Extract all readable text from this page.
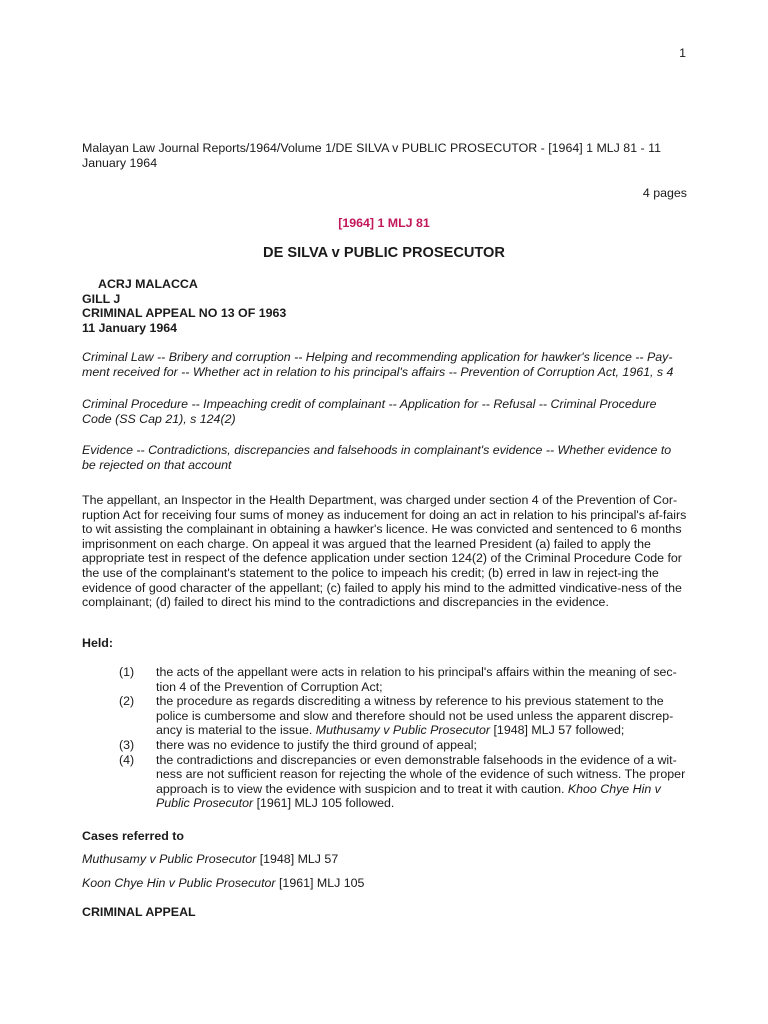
1
Malayan Law Journal Reports/1964/Volume 1/DE SILVA v PUBLIC PROSECUTOR - [1964] 1 MLJ 81 - 11 January 1964
4 pages
[1964] 1 MLJ 81
DE SILVA v PUBLIC PROSECUTOR
ACRJ MALACCA
GILL J
CRIMINAL APPEAL NO 13 OF 1963
11 January 1964
Criminal Law -- Bribery and corruption -- Helping and recommending application for hawker's licence -- Pay-ment received for -- Whether act in relation to his principal's affairs -- Prevention of Corruption Act, 1961, s 4
Criminal Procedure -- Impeaching credit of complainant -- Application for -- Refusal -- Criminal Procedure Code (SS Cap 21), s 124(2)
Evidence -- Contradictions, discrepancies and falsehoods in complainant's evidence -- Whether evidence to be rejected on that account
The appellant, an Inspector in the Health Department, was charged under section 4 of the Prevention of Cor-ruption Act for receiving four sums of money as inducement for doing an act in relation to his principal's af-fairs to wit assisting the complainant in obtaining a hawker's licence. He was convicted and sentenced to 6 months imprisonment on each charge. On appeal it was argued that the learned President (a) failed to apply the appropriate test in respect of the defence application under section 124(2) of the Criminal Procedure Code for the use of the complainant's statement to the police to impeach his credit; (b) erred in law in reject-ing the evidence of good character of the appellant; (c) failed to apply his mind to the admitted vindicative-ness of the complainant; (d) failed to direct his mind to the contradictions and discrepancies in the evidence.
Held:
(1)	the acts of the appellant were acts in relation to his principal's affairs within the meaning of sec-tion 4 of the Prevention of Corruption Act;
(2)	the procedure as regards discrediting a witness by reference to his previous statement to the police is cumbersome and slow and therefore should not be used unless the apparent discrep-ancy is material to the issue. Muthusamy v Public Prosecutor [1948] MLJ 57 followed;
(3)	there was no evidence to justify the third ground of appeal;
(4)	the contradictions and discrepancies or even demonstrable falsehoods in the evidence of a wit-ness are not sufficient reason for rejecting the whole of the evidence of such witness. The proper approach is to view the evidence with suspicion and to treat it with caution. Khoo Chye Hin v Public Prosecutor [1961] MLJ 105 followed.
Cases referred to
Muthusamy v Public Prosecutor [1948] MLJ 57
Koon Chye Hin v Public Prosecutor [1961] MLJ 105
CRIMINAL APPEAL
